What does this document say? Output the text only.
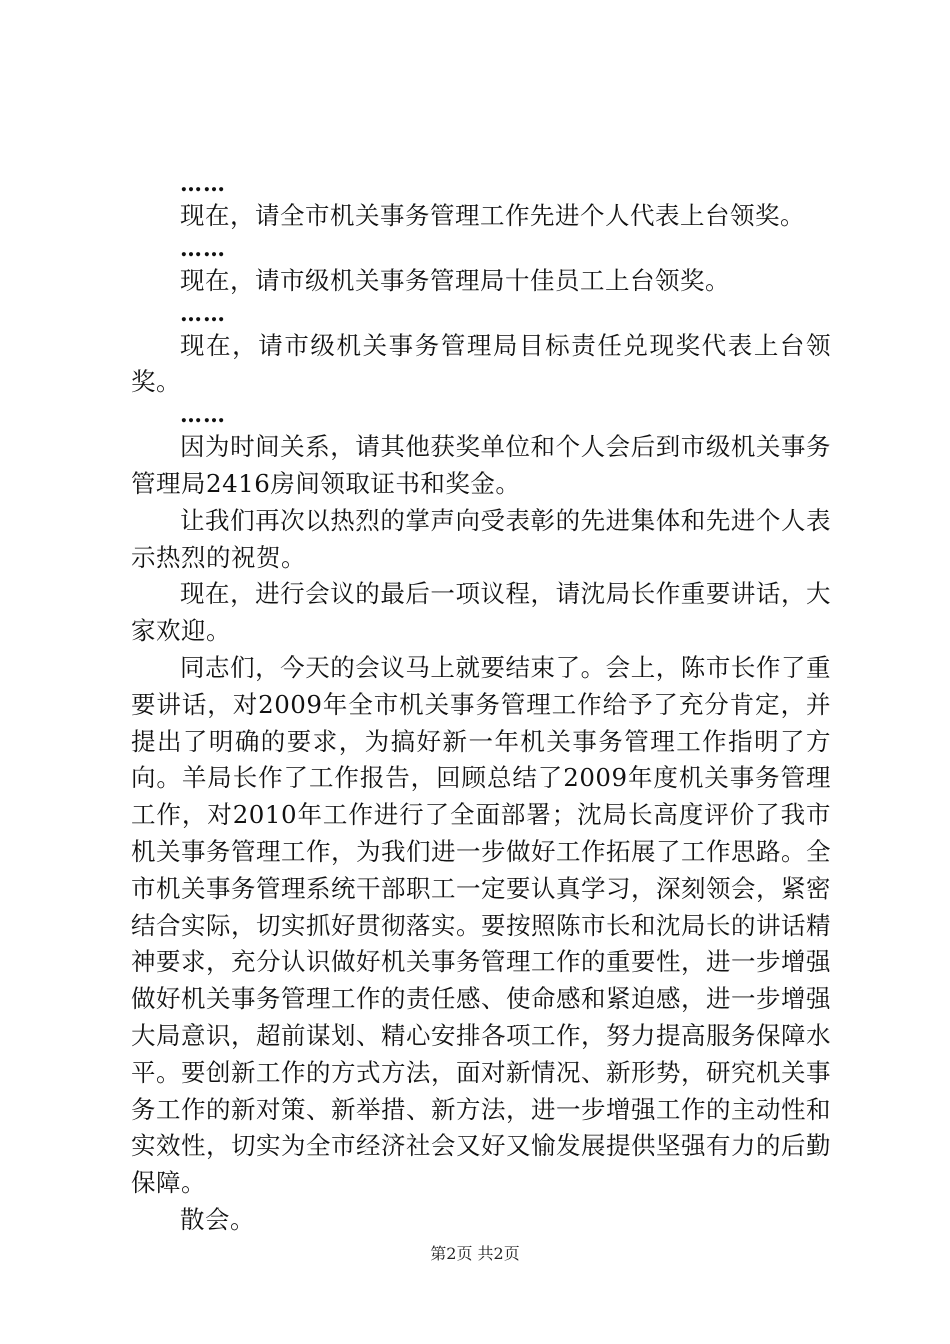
……

现在，请全市机关事务管理工作先进个人代表上台领奖。

……

现在，请市级机关事务管理局十佳员工上台领奖。

……

现在，请市级机关事务管理局目标责任兑现奖代表上台领奖。

……

因为时间关系，请其他获奖单位和个人会后到市级机关事务管理局2416房间领取证书和奖金。

让我们再次以热烈的掌声向受表彰的先进集体和先进个人表示热烈的祝贺。

现在，进行会议的最后一项议程，请沈局长作重要讲话，大家欢迎。

同志们，今天的会议马上就要结束了。会上，陈市长作了重要讲话，对2009年全市机关事务管理工作给予了充分肯定，并提出了明确的要求，为搞好新一年机关事务管理工作指明了方向。羊局长作了工作报告，回顾总结了2009年度机关事务管理工作，对2010年工作进行了全面部署；沈局长高度评价了我市机关事务管理工作，为我们进一步做好工作拓展了工作思路。全市机关事务管理系统干部职工一定要认真学习，深刻领会，紧密结合实际，切实抓好贯彻落实。要按照陈市长和沈局长的讲话精神要求，充分认识做好机关事务管理工作的重要性，进一步增强做好机关事务管理工作的责任感、使命感和紧迫感，进一步增强大局意识，超前谋划、精心安排各项工作，努力提高服务保障水平。要创新工作的方式方法，面对新情况、新形势，研究机关事务工作的新对策、新举措、新方法，进一步增强工作的主动性和实效性，切实为全市经济社会又好又愉发展提供坚强有力的后勤保障。

散会。

第2页 共2页
